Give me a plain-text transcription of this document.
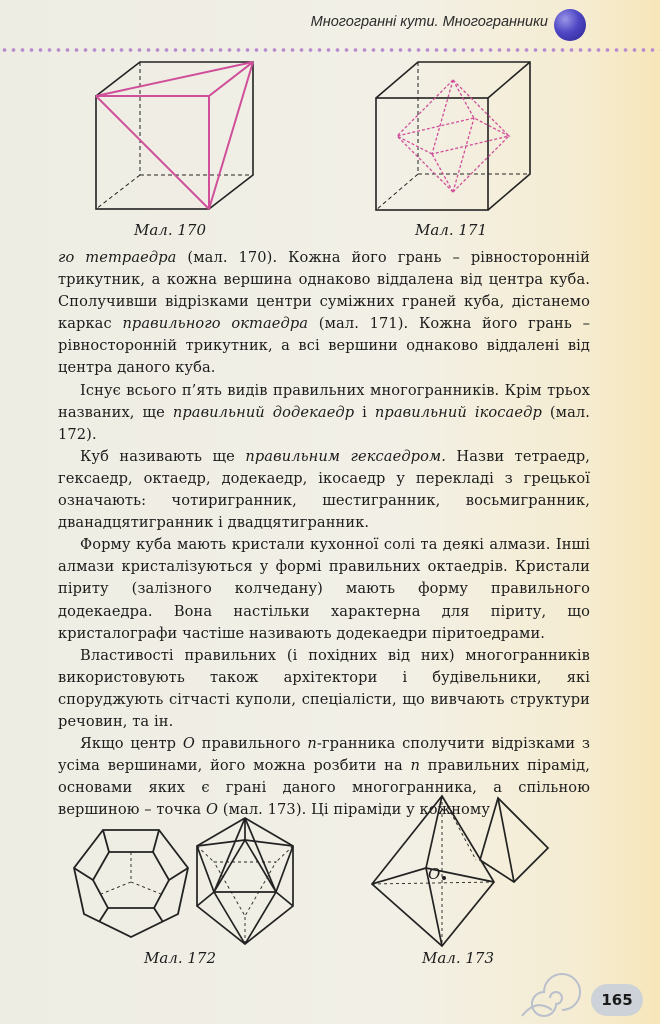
Многогранні кути. Многогранники
Мал. 170	Мал. 171

го тетраедра (мал. 170). Кожна його грань – рівносторонній трикутник, а кожна вершина однаково віддалена від центра куба. Сполучивши відрізками центри суміжних граней куба, дістанемо каркас правильного октаедра (мал. 171). Кожна його грань – рівносторонній трикутник, а всі вершини однаково віддалені від центра даного куба.

Існує всього п’ять видів правильних многогранників. Крім трьох названих, ще правильний додекаедр і правильний ікосаедр (мал. 172).

Куб називають ще правильним гексаедром. Назви тетраедр, гексаедр, октаедр, додекаедр, ікосаедр у перекладі з грецької означають: чотиригранник, шестигранник, восьмигранник, дванадцятигранник і двадцятигранник.

Форму куба мають кристали кухонної солі та деякі алмази. Інші алмази кристалізуються у формі правильних октаедрів. Кристали піриту (залізного колчедану) мають форму правильного додекаедра. Вона настільки характерна для піриту, що кристалографи частіше називають додекаедри піритоедрами.

Властивості правильних (і похідних від них) многогранників використовують також архітектори і будівельники, які споруджують сітчасті куполи, спеціалісти, що вивчають структури речовин, та ін.

Якщо центр O правильного n-гранника сполучити відрізками з усіма вершинами, його можна розбити на n правильних пірамід, основами яких є грані даного многогранника, а спільною вершиною – точка O (мал. 173). Ці піраміди у кожному

Мал. 172
O
Мал. 173
165
